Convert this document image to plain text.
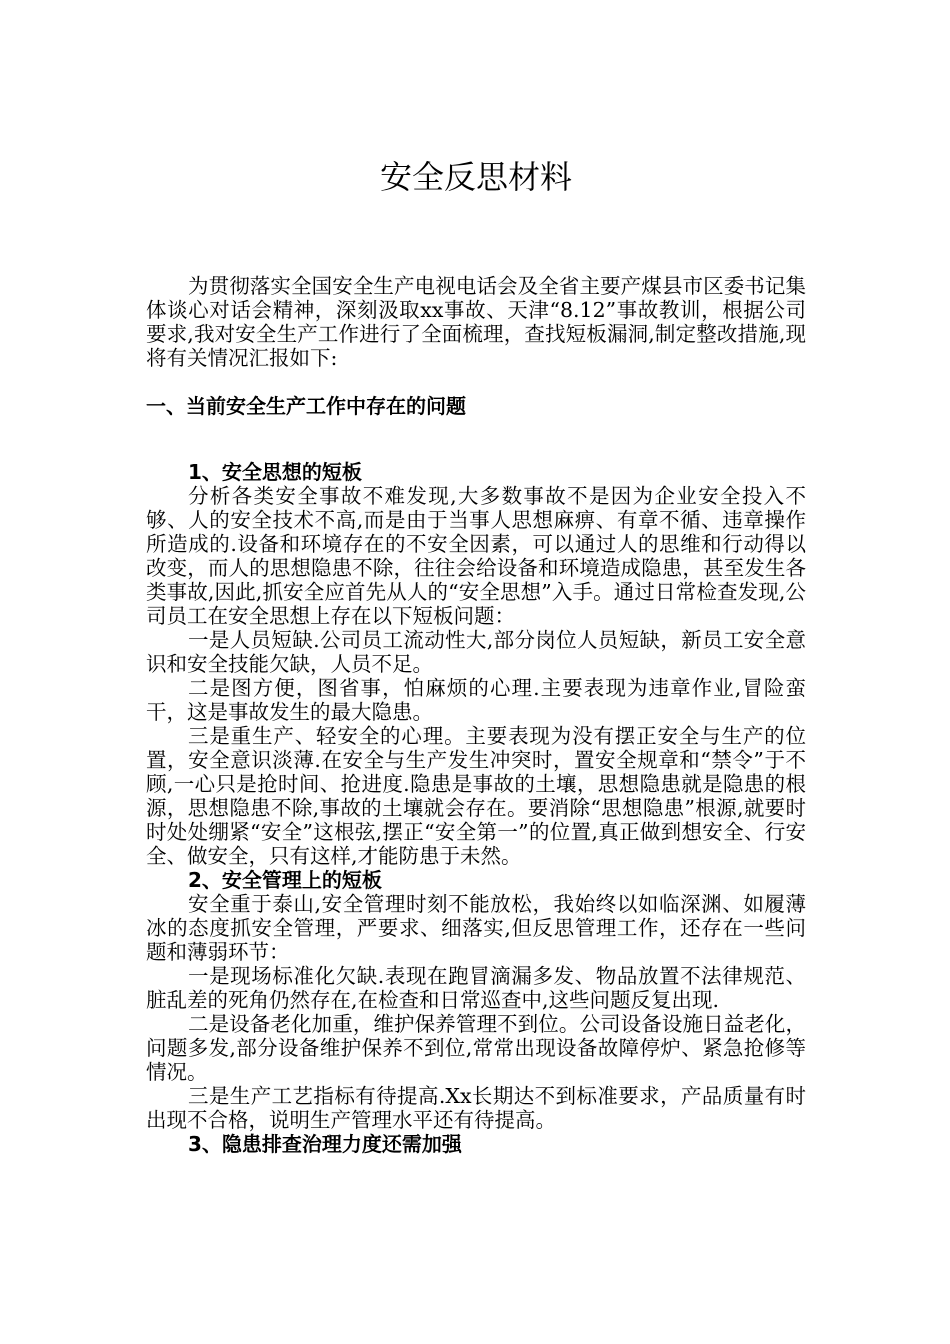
安全反思材料

为贯彻落实全国安全生产电视电话会及全省主要产煤县市区委书记集体谈心对话会精神，深刻汲取xx事故、天津“8.12”事故教训，根据公司要求,我对安全生产工作进行了全面梳理，查找短板漏洞,制定整改措施,现将有关情况汇报如下:

一、当前安全生产工作中存在的问题

1、安全思想的短板

分析各类安全事故不难发现,大多数事故不是因为企业安全投入不够、人的安全技术不高,而是由于当事人思想麻痹、有章不循、违章操作所造成的.设备和环境存在的不安全因素，可以通过人的思维和行动得以改变，而人的思想隐患不除，往往会给设备和环境造成隐患，甚至发生各类事故,因此,抓安全应首先从人的“安全思想”入手。通过日常检查发现,公司员工在安全思想上存在以下短板问题：

一是人员短缺.公司员工流动性大,部分岗位人员短缺，新员工安全意识和安全技能欠缺，人员不足。

二是图方便，图省事，怕麻烦的心理.主要表现为违章作业,冒险蛮干，这是事故发生的最大隐患。

三是重生产、轻安全的心理。主要表现为没有摆正安全与生产的位置，安全意识淡薄.在安全与生产发生冲突时，置安全规章和“禁令”于不顾,一心只是抢时间、抢进度.隐患是事故的土壤，思想隐患就是隐患的根源，思想隐患不除,事故的土壤就会存在。要消除“思想隐患”根源,就要时时处处绷紧“安全”这根弦,摆正“安全第一”的位置,真正做到想安全、行安全、做安全，只有这样,才能防患于未然。

2、安全管理上的短板

安全重于泰山,安全管理时刻不能放松，我始终以如临深渊、如履薄冰的态度抓安全管理，严要求、细落实,但反思管理工作，还存在一些问题和薄弱环节：

一是现场标准化欠缺.表现在跑冒滴漏多发、物品放置不法律规范、脏乱差的死角仍然存在,在检查和日常巡查中,这些问题反复出现.

二是设备老化加重，维护保养管理不到位。公司设备设施日益老化，问题多发,部分设备维护保养不到位,常常出现设备故障停炉、紧急抢修等情况。

三是生产工艺指标有待提高.Xx长期达不到标准要求，产品质量有时出现不合格，说明生产管理水平还有待提高。

3、隐患排查治理力度还需加强
